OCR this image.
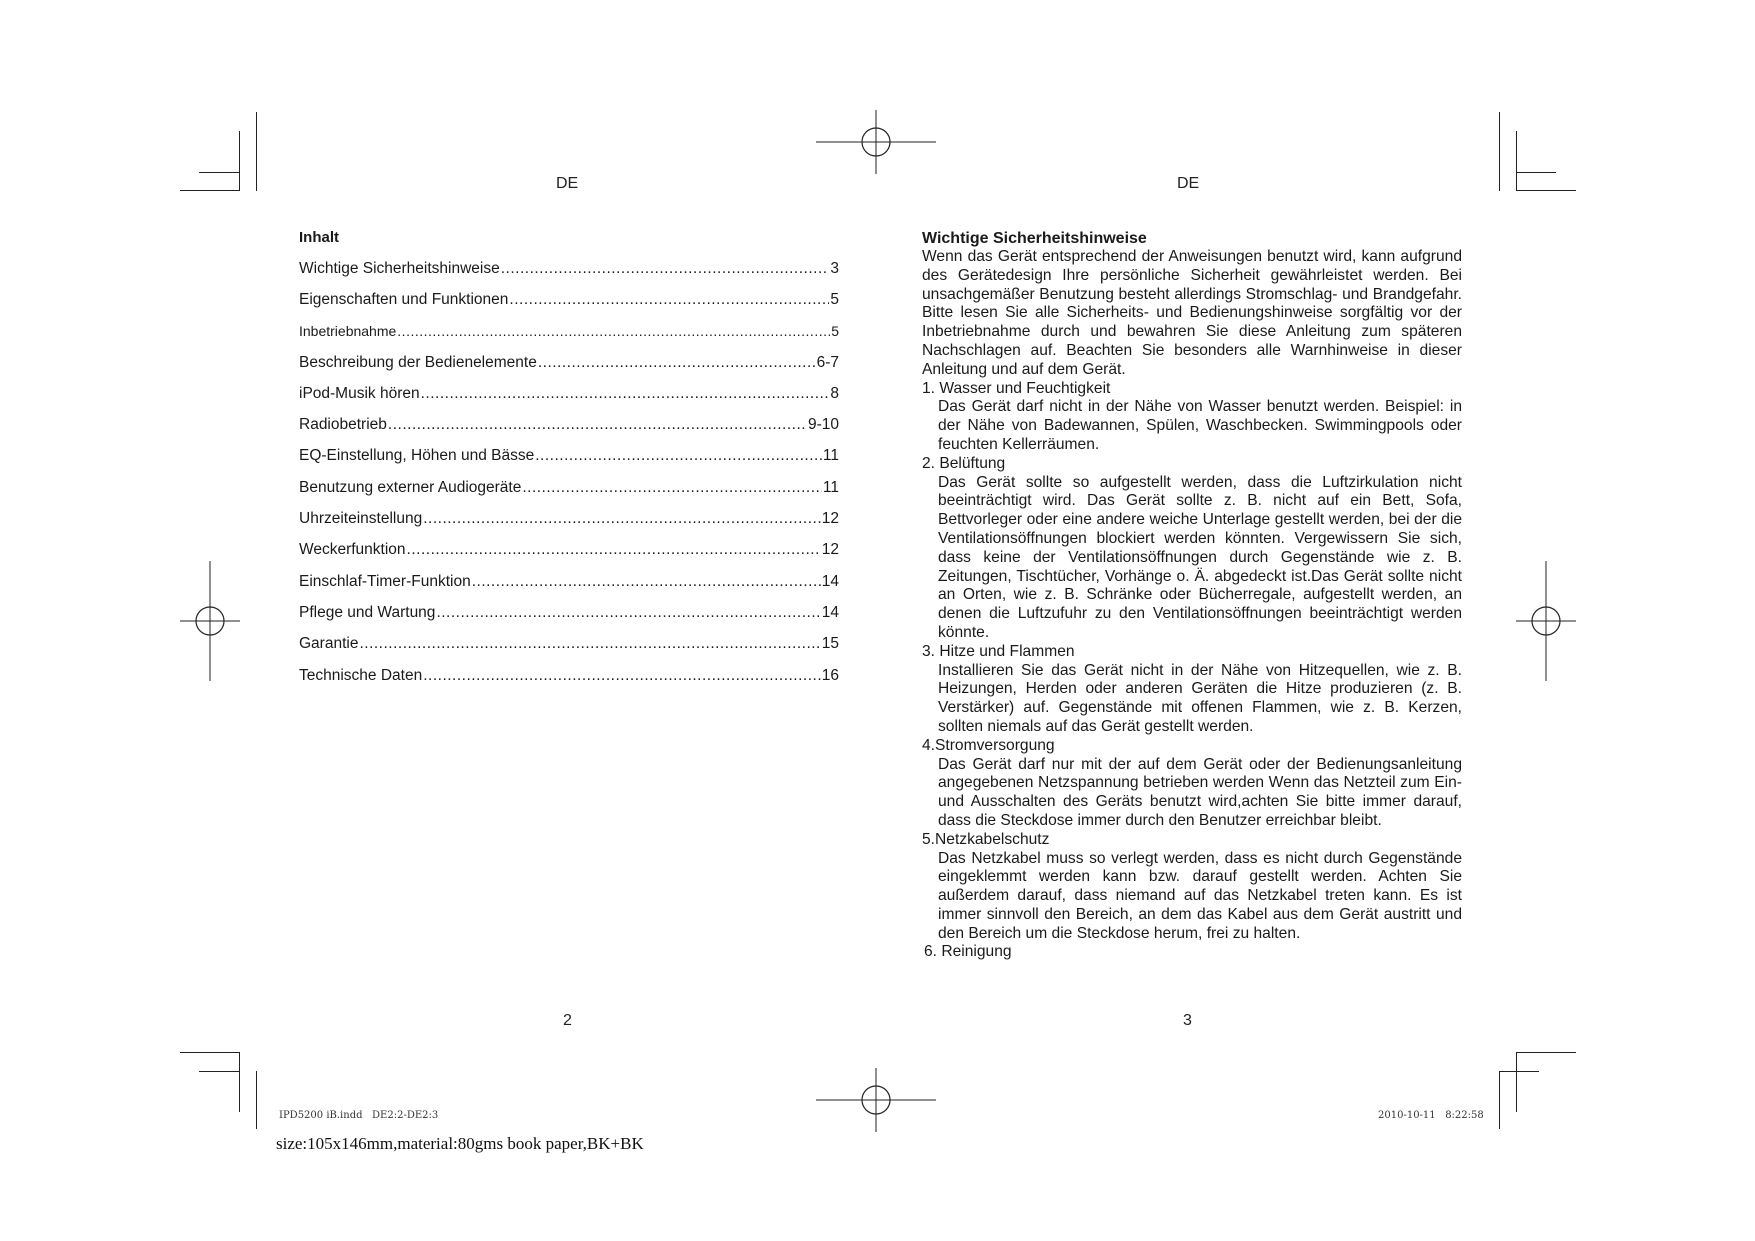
DE	DE
Inhalt
Wichtige Sicherheitshinweise .....	3
Eigenschaften und Funktionen .....	5
Inbetriebnahme .....	5
Beschreibung der Bedienelemente .....	6-7
iPod-Musik hören .....	8
Radiobetrieb .....	9-10
EQ-Einstellung, Höhen und Bässe .....	11
Benutzung externer Audiogeräte .....	11
Uhrzeiteinstellung .....	12
Weckerfunktion .....	12
Einschlaf-Timer-Funktion .....	14
Pflege und Wartung .....	14
Garantie .....	15
Technische Daten .....	16
Wichtige Sicherheitshinweise

Wenn das Gerät entsprechend der Anweisungen benutzt wird, kann aufgrund des Gerätedesign Ihre persönliche Sicherheit gewährleistet werden. Bei unsachgemäßer Benutzung besteht allerdings Stromschlag- und Brandgefahr. Bitte lesen Sie alle Sicherheits- und Bedienungshinweise sorgfältig vor der Inbetriebnahme durch und bewahren Sie diese Anleitung zum späteren Nachschlagen auf. Beachten Sie besonders alle Warnhinweise in dieser Anleitung und auf dem Gerät.

1. Wasser und Feuchtigkeit

Das Gerät darf nicht in der Nähe von Wasser benutzt werden. Beispiel: in der Nähe von Badewannen, Spülen, Waschbecken. Swimmingpools oder feuchten Kellerräumen.

2. Belüftung

Das Gerät sollte so aufgestellt werden, dass die Luftzirkulation nicht beeinträchtigt wird. Das Gerät sollte z. B. nicht auf ein Bett, Sofa, Bettvorleger oder eine andere weiche Unterlage gestellt werden, bei der die Ventilationsöffnungen blockiert werden könnten. Vergewissern Sie sich, dass keine der Ventilationsöffnungen durch Gegenstände wie z. B. Zeitungen, Tischtücher, Vorhänge o. Ä. abgedeckt ist.Das Gerät sollte nicht an Orten, wie z. B. Schränke oder Bücherregale, aufgestellt werden, an denen die Luftzufuhr zu den Ventilationsöffnungen beeinträchtigt werden könnte.

3. Hitze und Flammen

Installieren Sie das Gerät nicht in der Nähe von Hitzequellen, wie z. B. Heizungen, Herden oder anderen Geräten die Hitze produzieren (z. B. Verstärker) auf. Gegenstände mit offenen Flammen, wie z. B. Kerzen, sollten niemals auf das Gerät gestellt werden.

4.Stromversorgung

Das Gerät darf nur mit der auf dem Gerät oder der Bedienungsanleitung angegebenen Netzspannung betrieben werden Wenn das Netzteil zum Ein- und Ausschalten des Geräts benutzt wird,achten Sie bitte immer darauf, dass die Steckdose immer durch den Benutzer erreichbar bleibt.

5.Netzkabelschutz

Das Netzkabel muss so verlegt werden, dass es nicht durch Gegenstände eingeklemmt werden kann bzw. darauf gestellt werden. Achten Sie außerdem darauf, dass niemand auf das Netzkabel treten kann. Es ist immer sinnvoll den Bereich, an dem das Kabel aus dem Gerät austritt und den Bereich um die Steckdose herum, frei zu halten.

6. Reinigung

2	3
IPD5200 iB.indd   DE2:2-DE2:3	2010-10-11   8:22:58
size:105x146mm,material:80gms book paper,BK+BK
